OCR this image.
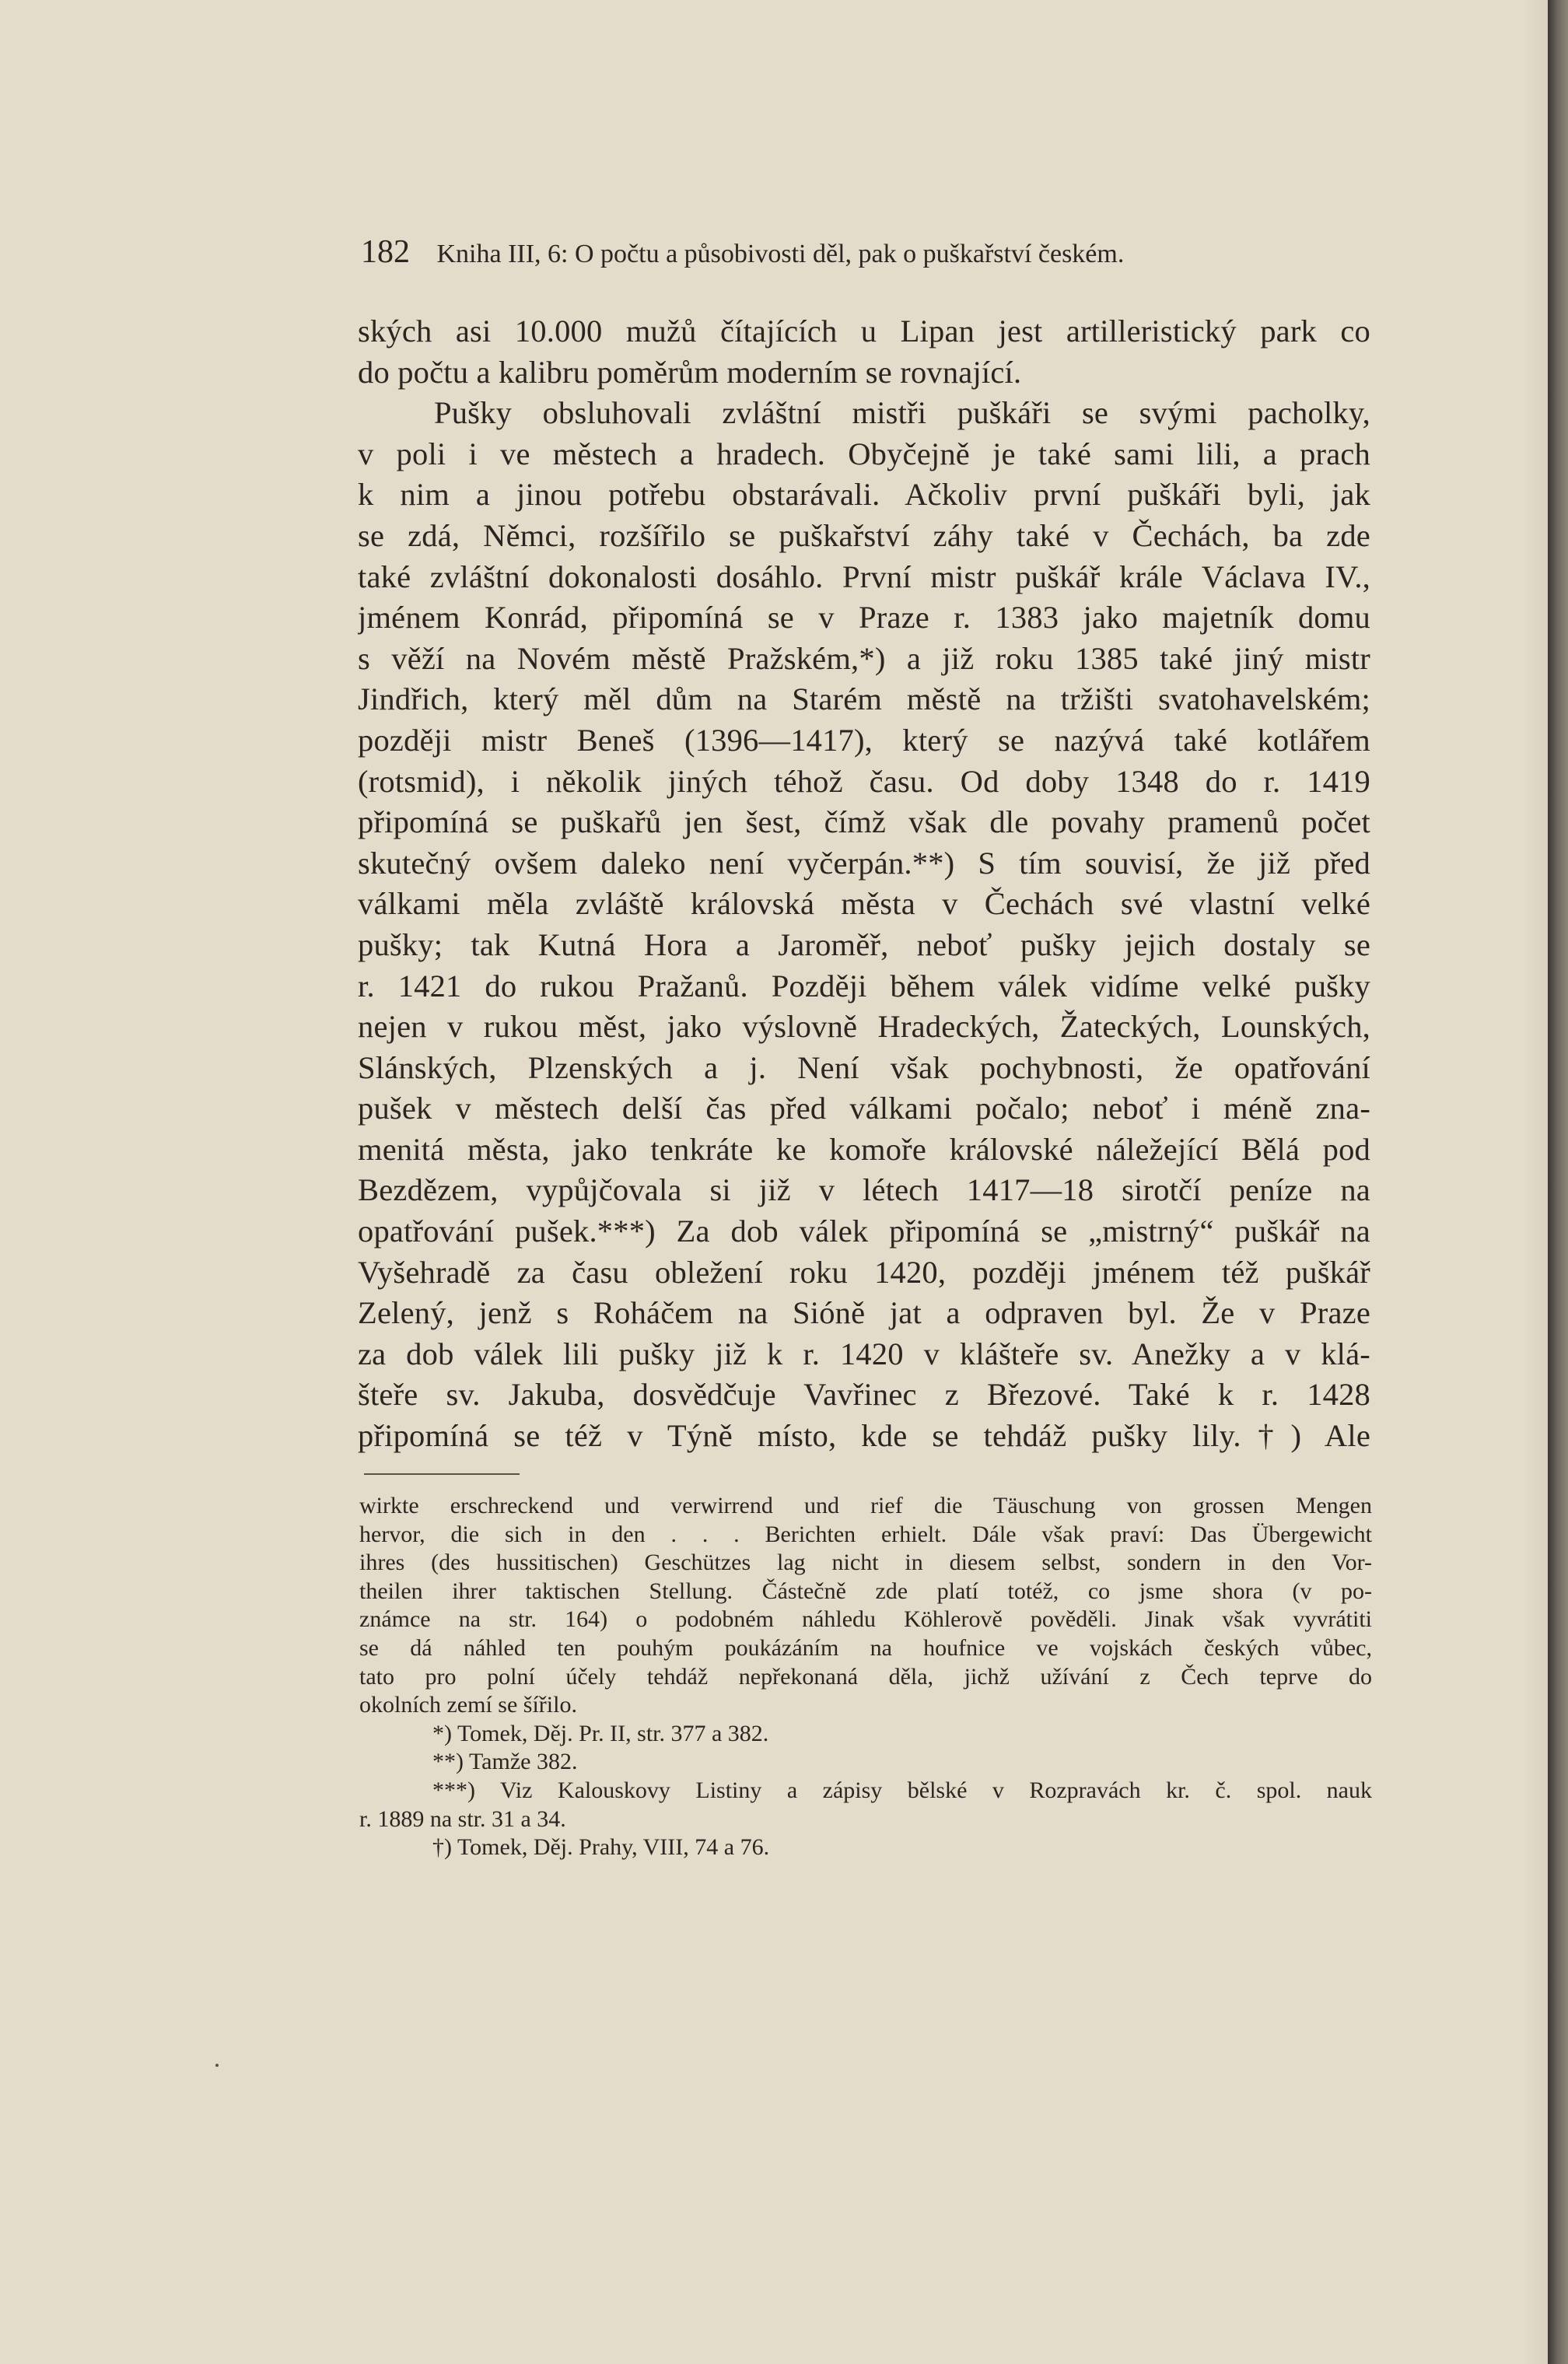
182 Kniha III, 6: O počtu a působivosti děl, pak o puškařství českém.
ských asi 10.000 mužů čítajících u Lipan jest artilleristický park co
do počtu a kalibru poměrům moderním se rovnající.
Pušky obsluhovali zvláštní mistři puškáři se svými pacholky,
v poli i ve městech a hradech. Obyčejně je také sami lili, a prach
k nim a jinou potřebu obstarávali. Ačkoliv první puškáři byli, jak
se zdá, Němci, rozšířilo se puškařství záhy také v Čechách, ba zde
také zvláštní dokonalosti dosáhlo. První mistr puškář krále Václava IV.,
jménem Konrád, připomíná se v Praze r. 1383 jako majetník domu
s věží na Novém městě Pražském,*) a již roku 1385 také jiný mistr
Jindřich, který měl dům na Starém městě na tržišti svatohavelském;
později mistr Beneš (1396—1417), který se nazývá také kotlářem
(rotsmid), i několik jiných téhož času. Od doby 1348 do r. 1419
připomíná se puškařů jen šest, čímž však dle povahy pramenů počet
skutečný ovšem daleko není vyčerpán.**) S tím souvisí, že již před
válkami měla zvláště královská města v Čechách své vlastní velké
pušky; tak Kutná Hora a Jaroměř, neboť pušky jejich dostaly se
r. 1421 do rukou Pražanů. Později během válek vidíme velké pušky
nejen v rukou měst, jako výslovně Hradeckých, Žateckých, Lounských,
Slánských, Plzenských a j. Není však pochybnosti, že opatřování
pušek v městech delší čas před válkami počalo; neboť i méně zna-
menitá města, jako tenkráte ke komoře královské náležející Bělá pod
Bezdězem, vypůjčovala si již v létech 1417—18 sirotčí peníze na
opatřování pušek.***) Za dob válek připomíná se „mistrný“ puškář na
Vyšehradě za času obležení roku 1420, později jménem též puškář
Zelený, jenž s Roháčem na Sióně jat a odpraven byl. Že v Praze
za dob válek lili pušky již k r. 1420 v klášteře sv. Anežky a v klá-
šteře sv. Jakuba, dosvědčuje Vavřinec z Březové. Také k r. 1428
připomíná se též v Týně místo, kde se tehdáž pušky lily.†) Ale
wirkte erschreckend und verwirrend und rief die Täuschung von grossen Mengen
hervor, die sich in den . . . Berichten erhielt. Dále však praví: Das Übergewicht
ihres (des hussitischen) Geschützes lag nicht in diesem selbst, sondern in den Vor-
theilen ihrer taktischen Stellung. Částečně zde platí totéž, co jsme shora (v po-
známce na str. 164) o podobném náhledu Köhlerově pověděli. Jinak však vyvrátiti
se dá náhled ten pouhým poukázáním na houfnice ve vojskách českých vůbec,
tato pro polní účely tehdáž nepřekonaná děla, jichž užívání z Čech teprve do
okolních zemí se šířilo.
*) Tomek, Děj. Pr. II, str. 377 a 382.
**) Tamže 382.
***) Viz Kalouskovy Listiny a zápisy bělské v Rozpravách kr. č. spol. nauk
r. 1889 na str. 31 a 34.
†) Tomek, Děj. Prahy, VIII, 74 a 76.
